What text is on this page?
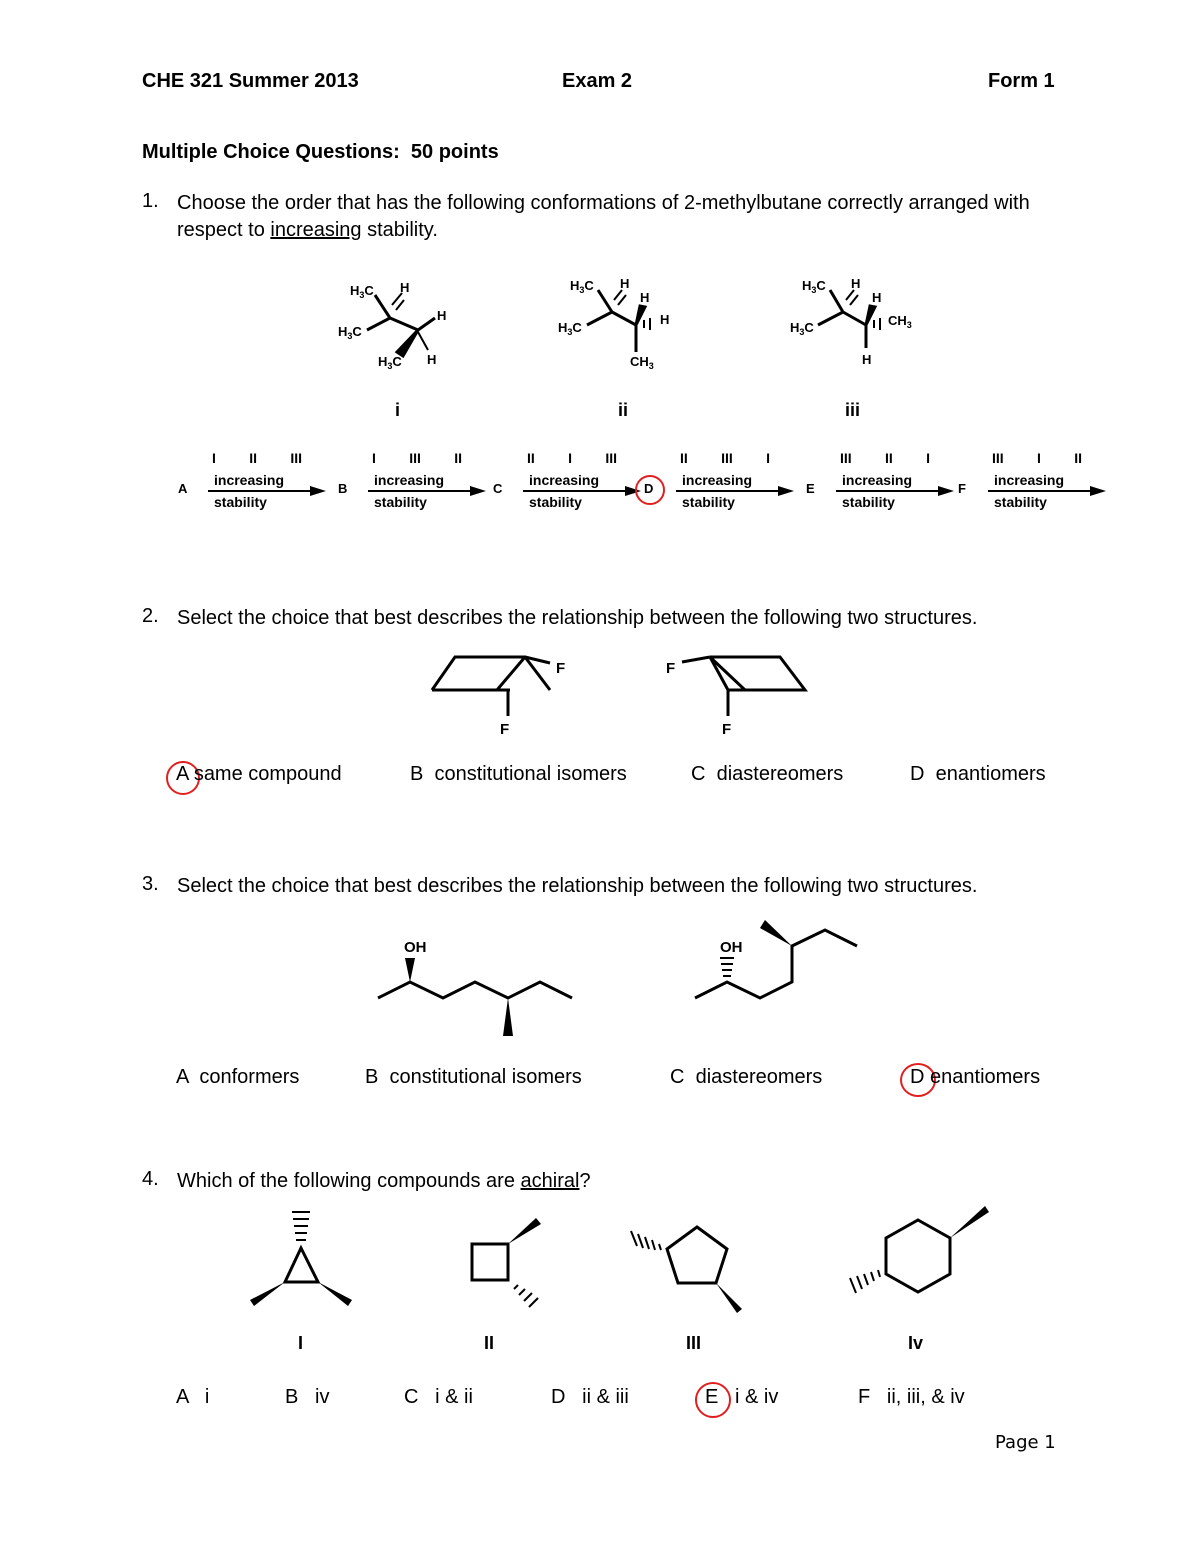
CHE 321 Summer 2013	Exam 2	Form 1
Multiple Choice Questions:  50 points
1. Choose the order that has the following conformations of 2-methylbutane correctly arranged with respect to increasing stability.
$H_3C$ H
$H_3C$
H
$H_3C$ H
$H_3C$ H
H
$H_3C$
H
$CH_3$
$H_3C$ H
H
$H_3C$	$CH_3$
H
F
F
F
F
OH	OH
i	ii	iii
I II III
A
increasing
stability
I III II
B
increasing
stability
II I III
C
increasing
stability
II III I
D
increasing
stability
III II I
E
increasing
stability
III I II
F
increasing
stability
2. Select the choice that best describes the relationship between the following two structures.
A same compound	B constitutional isomers	C diastereomers	D enantiomers
3. Select the choice that best describes the relationship between the following two structures.
A conformers	B constitutional isomers	C diastereomers	D enantiomers
4. Which of the following compounds are achiral?
I	II	III	Iv
A i	B iv	C i & ii	D ii & iii	E i & iv	F ii, iii, & iv
Page 1
